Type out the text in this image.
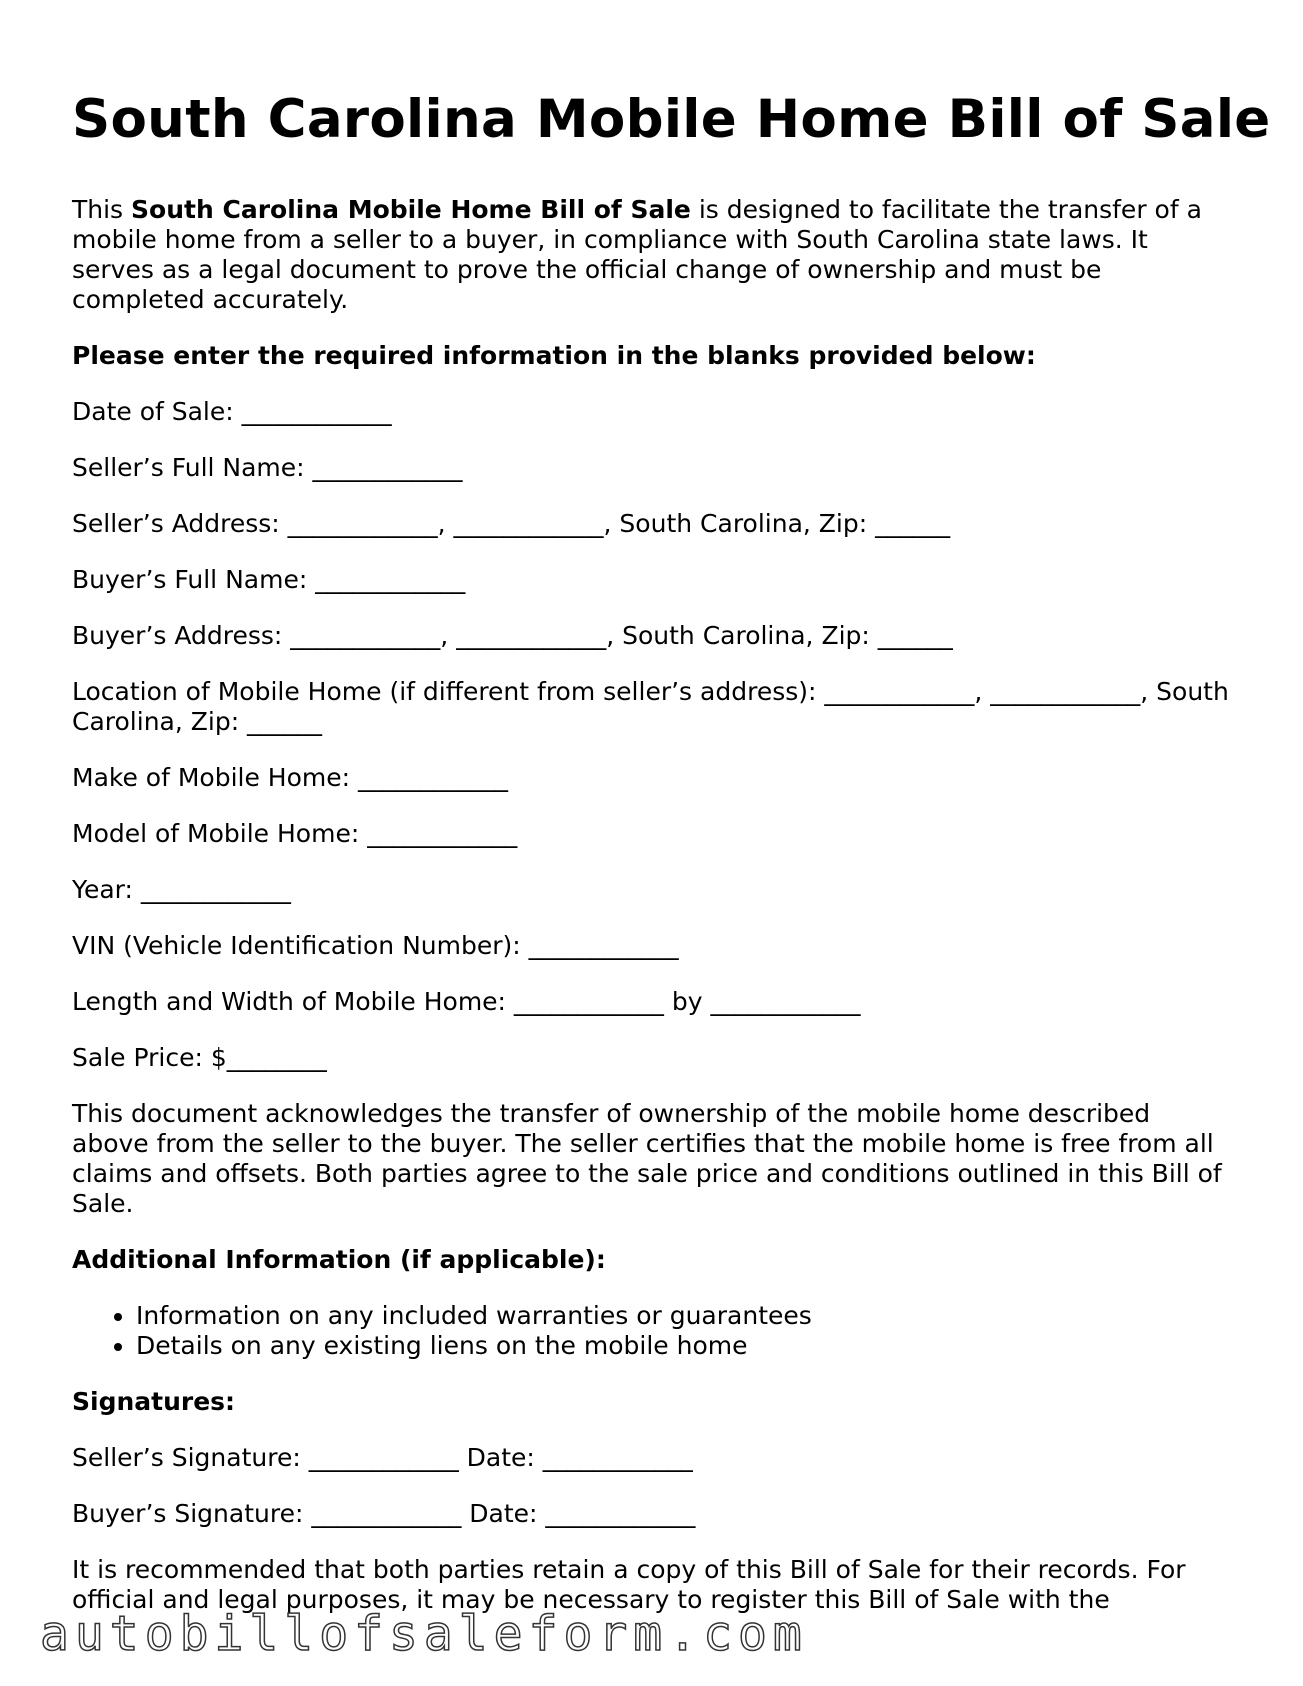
South Carolina Mobile Home Bill of Sale

This South Carolina Mobile Home Bill of Sale is designed to facilitate the transfer of a mobile home from a seller to a buyer, in compliance with South Carolina state laws. It serves as a legal document to prove the official change of ownership and must be completed accurately.

Please enter the required information in the blanks provided below:

Date of Sale: ____________
Seller’s Full Name: ____________
Seller’s Address: ____________, ____________, South Carolina, Zip: ______
Buyer’s Full Name: ____________
Buyer’s Address: ____________, ____________, South Carolina, Zip: ______
Location of Mobile Home (if different from seller’s address): ____________, ____________, South Carolina, Zip: ______
Make of Mobile Home: ____________
Model of Mobile Home: ____________
Year: ____________
VIN (Vehicle Identification Number): ____________
Length and Width of Mobile Home: ____________ by ____________
Sale Price: $________

This document acknowledges the transfer of ownership of the mobile home described above from the seller to the buyer. The seller certifies that the mobile home is free from all claims and offsets. Both parties agree to the sale price and conditions outlined in this Bill of Sale.

Additional Information (if applicable):

• Information on any included warranties or guarantees
• Details on any existing liens on the mobile home

Signatures:

Seller’s Signature: ____________ Date: ____________
Buyer’s Signature: ____________ Date: ____________

It is recommended that both parties retain a copy of this Bill of Sale for their records. For official and legal purposes, it may be necessary to register this Bill of Sale with the

autobillofsaleform.com
